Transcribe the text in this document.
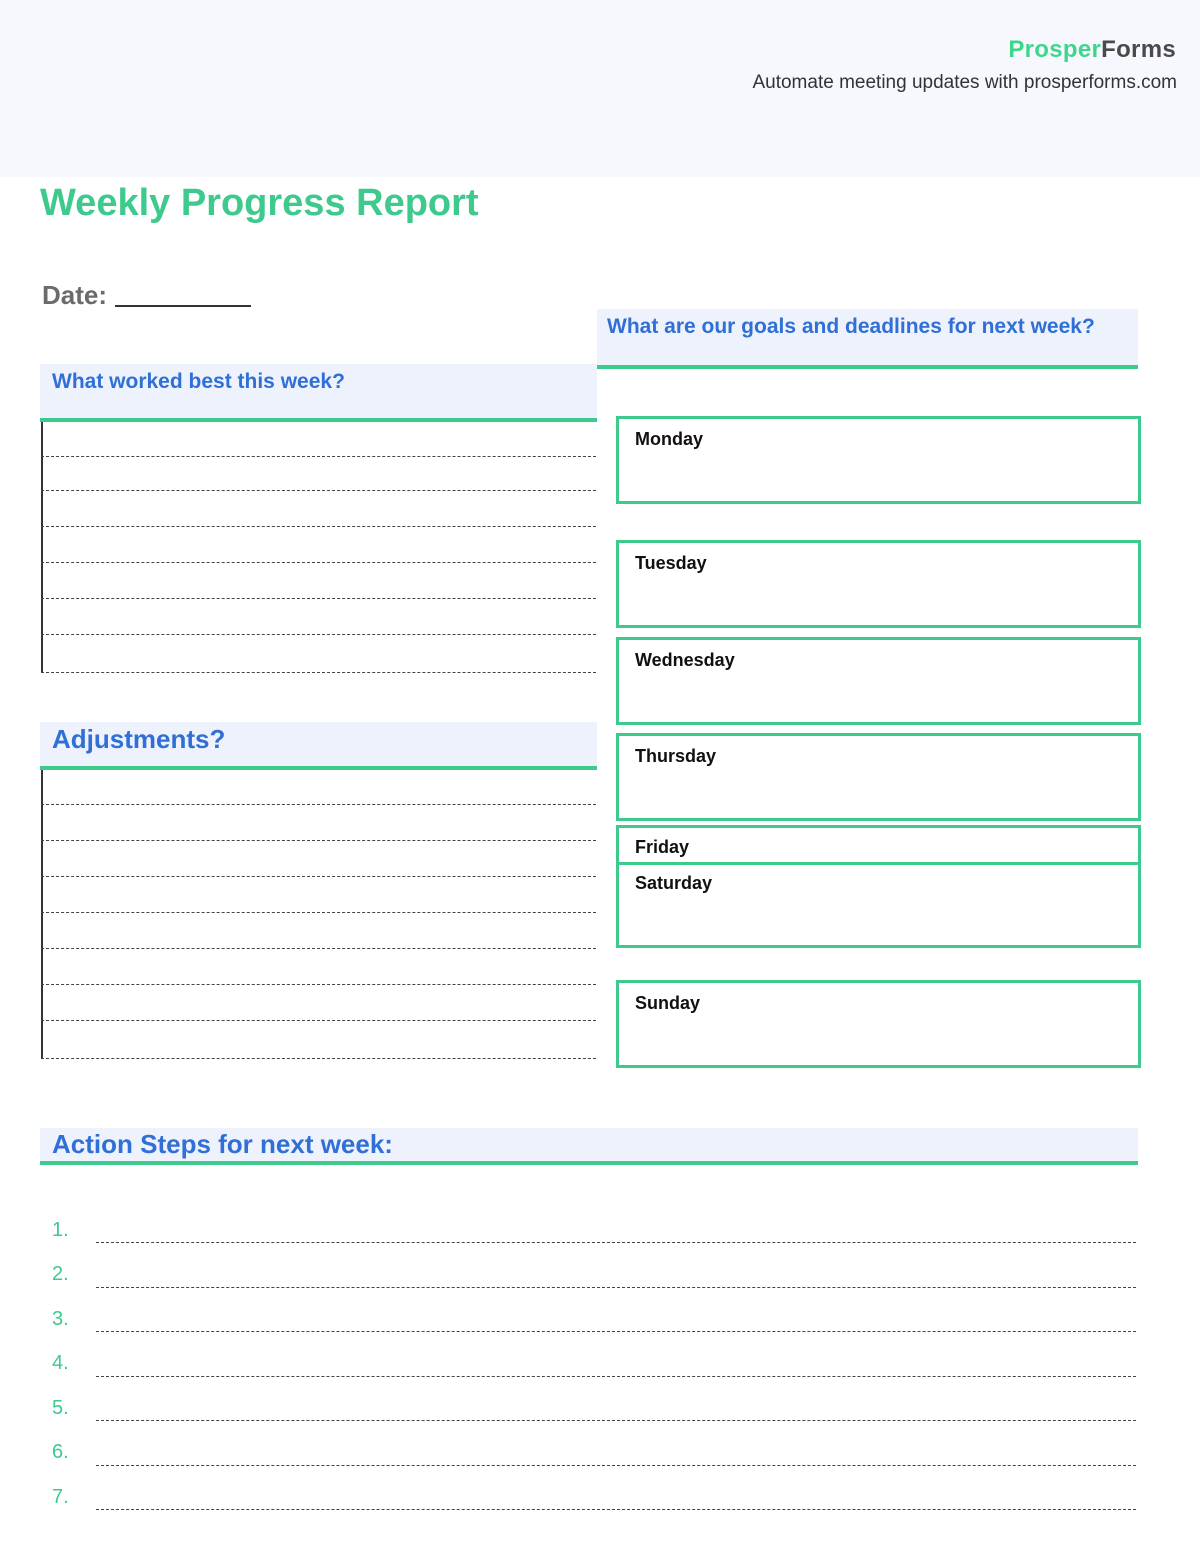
ProsperForms
Automate meeting updates with prosperforms.com
Weekly Progress Report
Date:
What are our goals and deadlines for next week?
What worked best this week?
Adjustments?
Monday
Tuesday
Wednesday
Thursday
Friday
Saturday
Sunday
Action Steps for next week:
1.
2.
3.
4.
5.
6.
7.
